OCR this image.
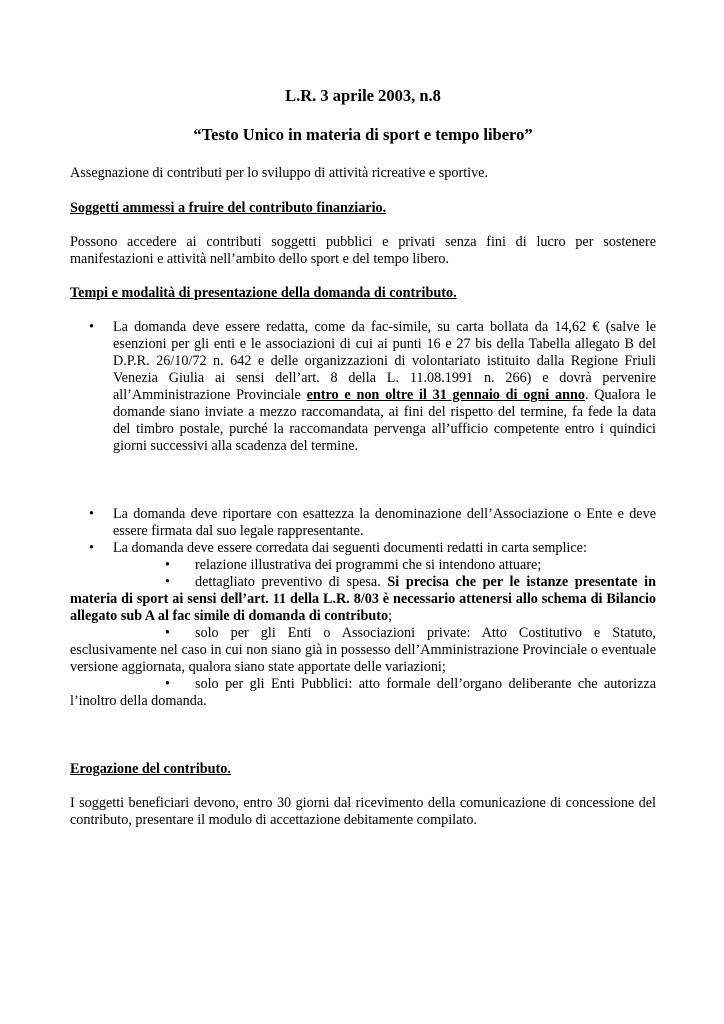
L.R. 3 aprile 2003, n.8

“Testo Unico in materia di sport e tempo libero”

Assegnazione di contributi per lo sviluppo di attività ricreative e sportive.

Soggetti ammessi a fruire del contributo finanziario.

Possono accedere ai contributi soggetti pubblici e privati senza fini di lucro per sostenere manifestazioni e attività nell’ambito dello sport e del tempo libero.

Tempi e modalità di presentazione della domanda di contributo.

• La domanda deve essere redatta, come da fac-simile, su carta bollata da 14,62 € (salve le esenzioni per gli enti e le associazioni di cui ai punti 16 e 27 bis della Tabella allegato B del D.P.R. 26/10/72 n. 642 e delle organizzazioni di volontariato istituito dalla Regione Friuli Venezia Giulia ai sensi dell’art. 8 della L. 11.08.1991 n. 266) e dovrà pervenire all’Amministrazione Provinciale entro e non oltre il 31 gennaio di ogni anno. Qualora le domande siano inviate a mezzo raccomandata, ai fini del rispetto del termine, fa fede la data del timbro postale, purché la raccomandata pervenga all’ufficio competente entro i quindici giorni successivi alla scadenza del termine.
• La domanda deve riportare con esattezza la denominazione dell’Associazione o Ente e deve essere firmata dal suo legale rappresentante.
• La domanda deve essere corredata dai seguenti documenti redatti in carta semplice:

• relazione illustrativa dei programmi che si intendono attuare;

• dettagliato preventivo di spesa. Si precisa che per le istanze presentate in materia di sport ai sensi dell’art. 11 della L.R. 8/03 è necessario attenersi allo schema di Bilancio allegato sub A al fac simile di domanda di contributo;

• solo per gli Enti o Associazioni private: Atto Costitutivo e Statuto, esclusivamente nel caso in cui non siano già in possesso dell’Amministrazione Provinciale o eventuale versione aggiornata, qualora siano state apportate delle variazioni;

• solo per gli Enti Pubblici: atto formale dell’organo deliberante che autorizza l’inoltro della domanda.

Erogazione del contributo.

I soggetti beneficiari devono, entro 30 giorni dal ricevimento della comunicazione di concessione del contributo, presentare il modulo di accettazione debitamente compilato.
